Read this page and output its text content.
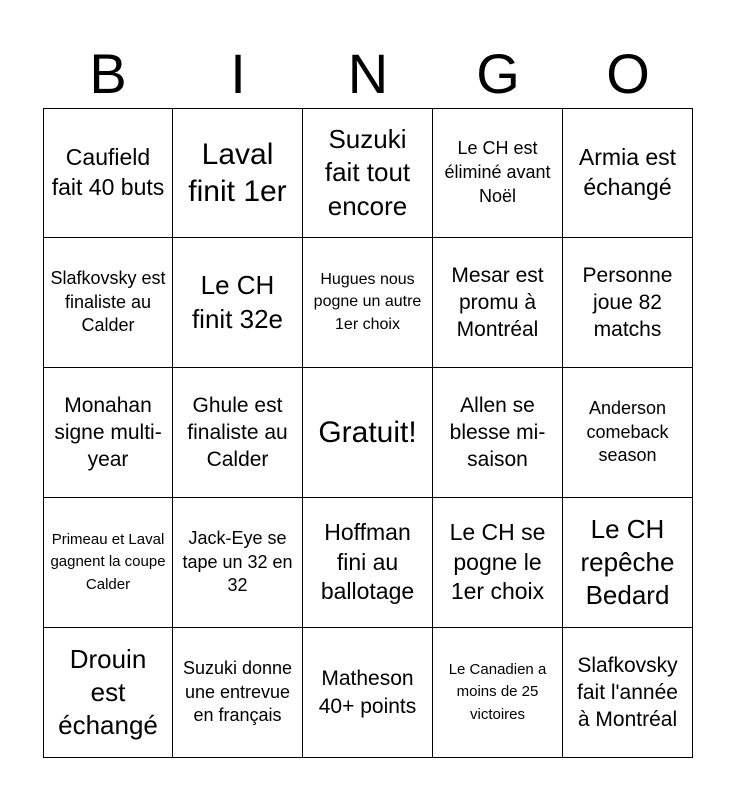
B	I	N	G	O
Caufield fait 40 buts
Laval finit 1er
Suzuki fait tout encore
Le CH est éliminé avant Noël
Armia est échangé
Slafkovsky est finaliste au Calder
Le CH finit 32e
Hugues nous pogne un autre 1er choix
Mesar est promu à Montréal
Personne joue 82 matchs
Monahan signe multi-year
Ghule est finaliste au Calder
Gratuit!
Allen se blesse mi-saison
Anderson comeback season
Primeau et Laval gagnent la coupe Calder
Jack-Eye se tape un 32 en 32
Hoffman fini au ballotage
Le CH se pogne le 1er choix
Le CH repêche Bedard
Drouin est échangé
Suzuki donne une entrevue en français
Matheson 40+ points
Le Canadien a moins de 25 victoires
Slafkovsky fait l'année à Montréal
